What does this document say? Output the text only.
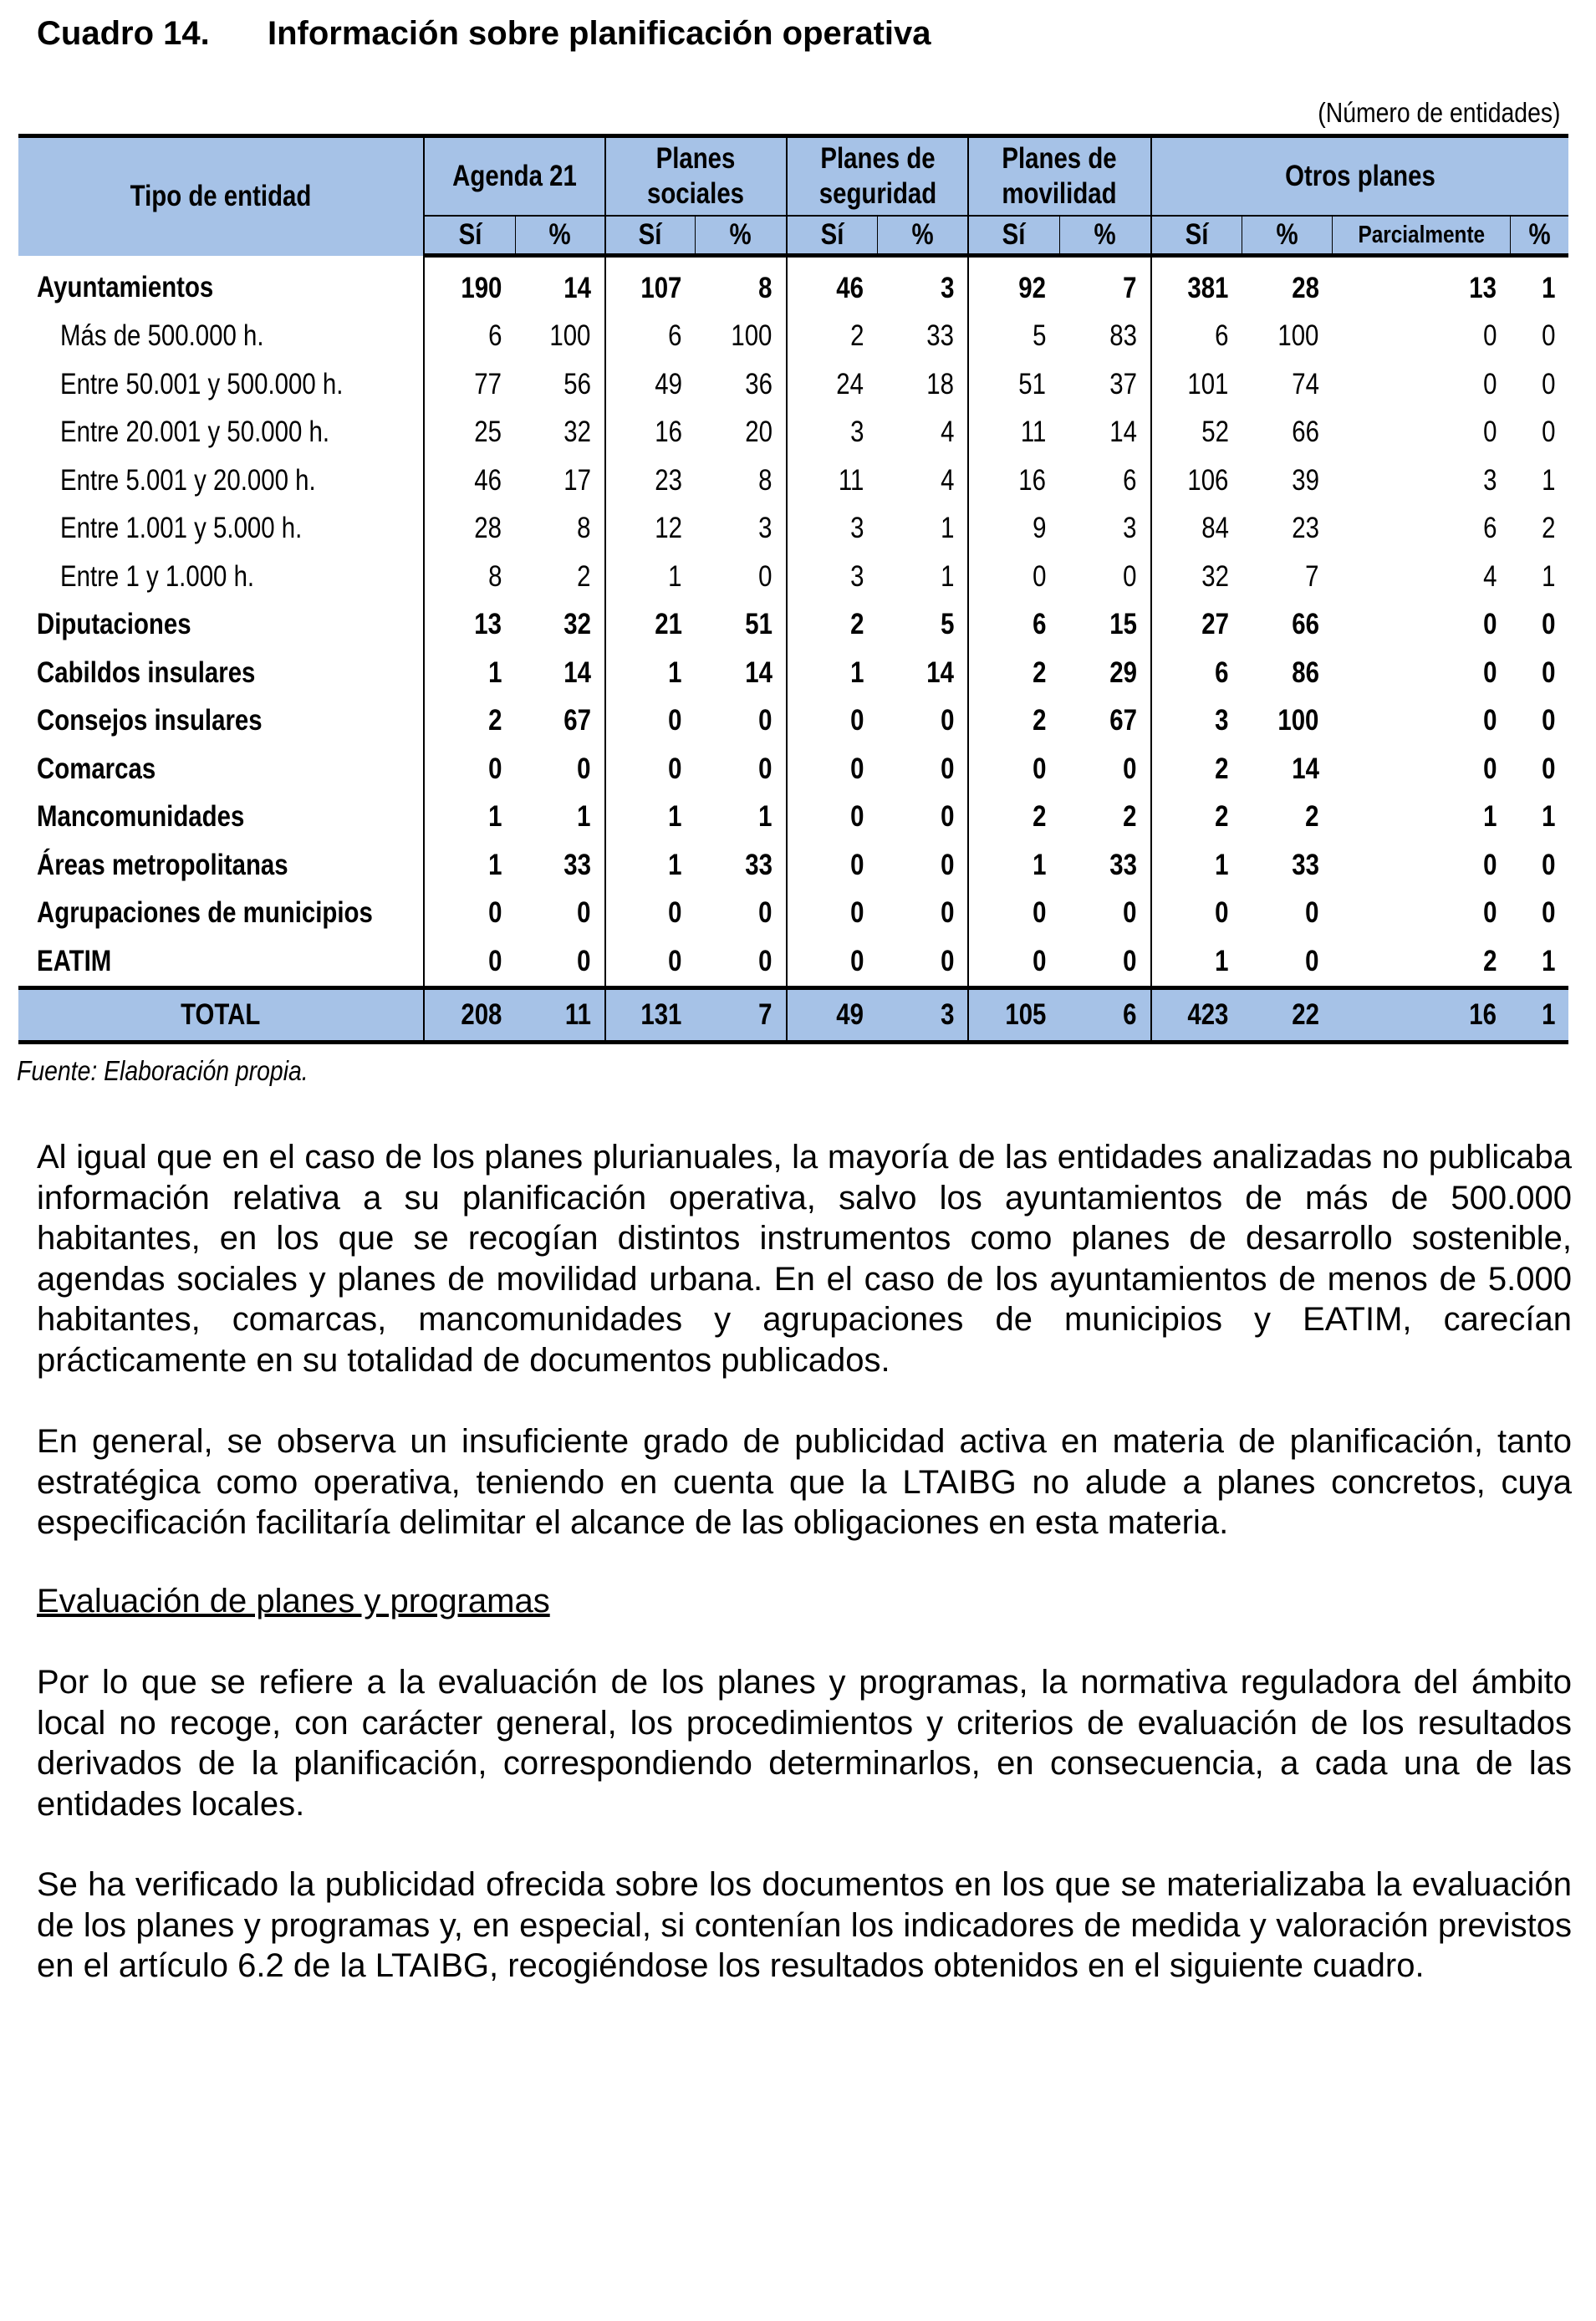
Cuadro 14. Información sobre planificación operativa
(Número de entidades)
Tipo de entidad	Agenda 21		Planes sociales		Planes de seguridad		Planes de movilidad		Otros planes			
	Sí	%	Sí	%	Sí	%	Sí	%	Sí	%	Parcialmente	%
Ayuntamientos	190	14	107	8	46	3	92	7	381	28	13	1
Más de 500.000 h.	6	100	6	100	2	33	5	83	6	100	0	0
Entre 50.001 y 500.000 h.	77	56	49	36	24	18	51	37	101	74	0	0
Entre 20.001 y 50.000 h.	25	32	16	20	3	4	11	14	52	66	0	0
Entre 5.001 y 20.000 h.	46	17	23	8	11	4	16	6	106	39	3	1
Entre 1.001 y 5.000 h.	28	8	12	3	3	1	9	3	84	23	6	2
Entre 1 y 1.000 h.	8	2	1	0	3	1	0	0	32	7	4	1
Diputaciones	13	32	21	51	2	5	6	15	27	66	0	0
Cabildos insulares	1	14	1	14	1	14	2	29	6	86	0	0
Consejos insulares	2	67	0	0	0	0	2	67	3	100	0	0
Comarcas	0	0	0	0	0	0	0	0	2	14	0	0
Mancomunidades	1	1	1	1	0	0	2	2	2	2	1	1
Áreas metropolitanas	1	33	1	33	0	0	1	33	1	33	0	0
Agrupaciones de municipios	0	0	0	0	0	0	0	0	0	0	0	0
EATIM	0	0	0	0	0	0	0	0	1	0	2	1
TOTAL	208	11	131	7	49	3	105	6	423	22	16	1
Fuente: Elaboración propia.
Al igual que en el caso de los planes plurianuales, la mayoría de las entidades analizadas no publicaba información relativa a su planificación operativa, salvo los ayuntamientos de más de 500.000 habitantes, en los que se recogían distintos instrumentos como planes de desarrollo sostenible, agendas sociales y planes de movilidad urbana. En el caso de los ayuntamientos de menos de 5.000 habitantes, comarcas, mancomunidades y agrupaciones de municipios y EATIM, carecían prácticamente en su totalidad de documentos publicados.
En general, se observa un insuficiente grado de publicidad activa en materia de planificación, tanto estratégica como operativa, teniendo en cuenta que la LTAIBG no alude a planes concretos, cuya especificación facilitaría delimitar el alcance de las obligaciones en esta materia.
Evaluación de planes y programas
Por lo que se refiere a la evaluación de los planes y programas, la normativa reguladora del ámbito local no recoge, con carácter general, los procedimientos y criterios de evaluación de los resultados derivados de la planificación, correspondiendo determinarlos, en consecuencia, a cada una de las entidades locales.
Se ha verificado la publicidad ofrecida sobre los documentos en los que se materializaba la evaluación de los planes y programas y, en especial, si contenían los indicadores de medida y valoración previstos en el artículo 6.2 de la LTAIBG, recogiéndose los resultados obtenidos en el siguiente cuadro.
